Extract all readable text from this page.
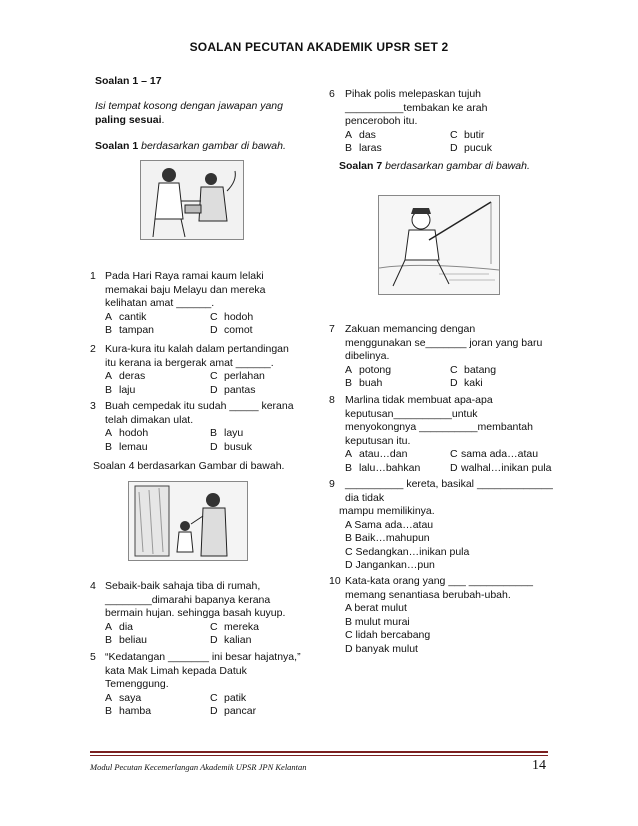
SOALAN PECUTAN AKADEMIK UPSR SET 2
Soalan 1 – 17
Isi tempat kosong dengan jawapan yang
paling sesuai.
Soalan 1 berdasarkan gambar di bawah.
1 Pada Hari Raya ramai kaum lelaki
memakai baju Melayu dan mereka
kelihatan amat ______.
A cantik	C hodoh
B tampan	D comot
2 Kura-kura itu kalah dalam pertandingan
itu kerana ia bergerak amat ______.
A deras	C perlahan
B laju	D pantas
3 Buah cempedak itu sudah _____ kerana
telah dimakan ulat.
A hodoh	B layu
B lemau	D busuk
Soalan 4 berdasarkan Gambar di bawah.
4 Sebaik-baik sahaja tiba di rumah,
________dimarahi bapanya kerana
bermain hujan. sehingga basah kuyup.
A dia	C mereka
B beliau	D kalian
5 “Kedatangan _______ ini besar hajatnya,”
kata Mak Limah kepada Datuk
Temenggung.
A saya	C patik
B hamba	D pancar
6 Pihak polis melepaskan tujuh
__________tembakan ke arah
penceroboh itu.
A das	C butir
B laras	D pucuk
Soalan 7 berdasarkan gambar di bawah.
7 Zakuan memancing dengan
menggunakan se_______ joran yang baru
dibelinya.
A potong	C batang
B buah	D kaki
8 Marlina tidak membuat apa-apa
keputusan__________untuk
menyokongnya __________membantah
keputusan itu.
A atau…dan	C sama ada…atau
B lalu…bahkan	D walhal…inikan pula
9 __________ kereta, basikal _____________
dia tidak
mampu memilikinya.
A Sama ada…atau
B Baik…mahupun
C Sedangkan…inikan pula
D Jangankan…pun
10 Kata-kata orang yang ___ ___________
memang senantiasa berubah-ubah.
A berat mulut
B mulut murai
C lidah bercabang
D banyak mulut
Modul Pecutan Kecemerlangan Akademik UPSR JPN Kelantan	14
